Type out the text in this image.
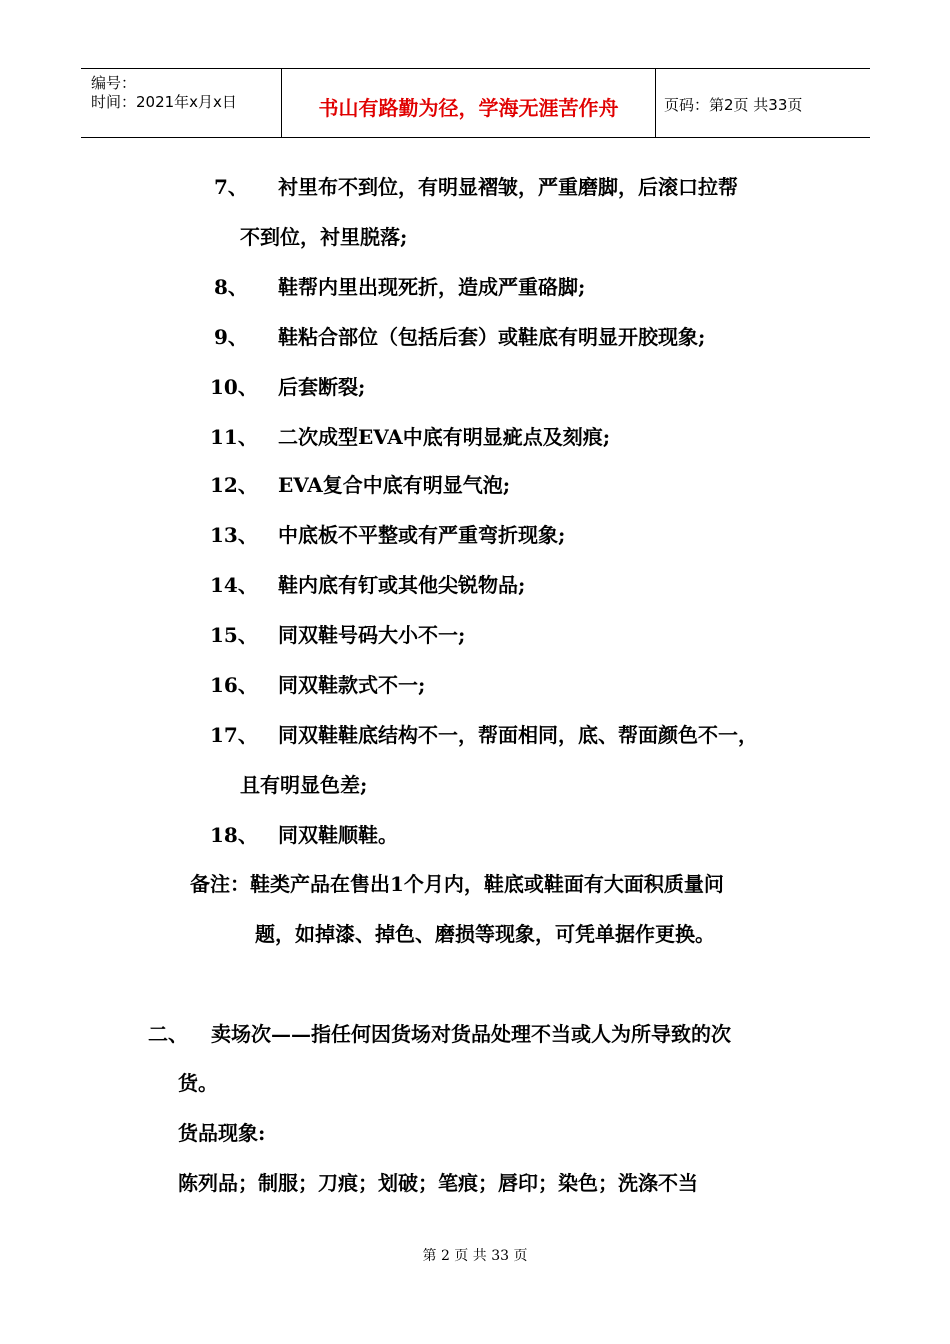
编号：
时间：2021年x月x日	书山有路勤为径，学海无涯苦作舟	页码：第2页 共33页
7、 衬里布不到位，有明显褶皱，严重磨脚，后滚口拉帮
不到位，衬里脱落;
8、 鞋帮内里出现死折，造成严重硌脚;
9、 鞋粘合部位（包括后套）或鞋底有明显开胶现象;
10、 后套断裂;
11、 二次成型EVA中底有明显疵点及刻痕;
12、 EVA复合中底有明显气泡;
13、 中底板不平整或有严重弯折现象;
14、 鞋内底有钉或其他尖锐物品;
15、 同双鞋号码大小不一;
16、 同双鞋款式不一;
17、 同双鞋鞋底结构不一，帮面相同，底、帮面颜色不一，
且有明显色差;
18、 同双鞋顺鞋。
备注：鞋类产品在售出1个月内，鞋底或鞋面有大面积质量问
题，如掉漆、掉色、磨损等现象，可凭单据作更换。
二、 卖场次——指任何因货场对货品处理不当或人为所导致的次
货。
货品现象:
陈列品；制服；刀痕；划破；笔痕；唇印；染色；洗涤不当
第 2 页 共 33 页
